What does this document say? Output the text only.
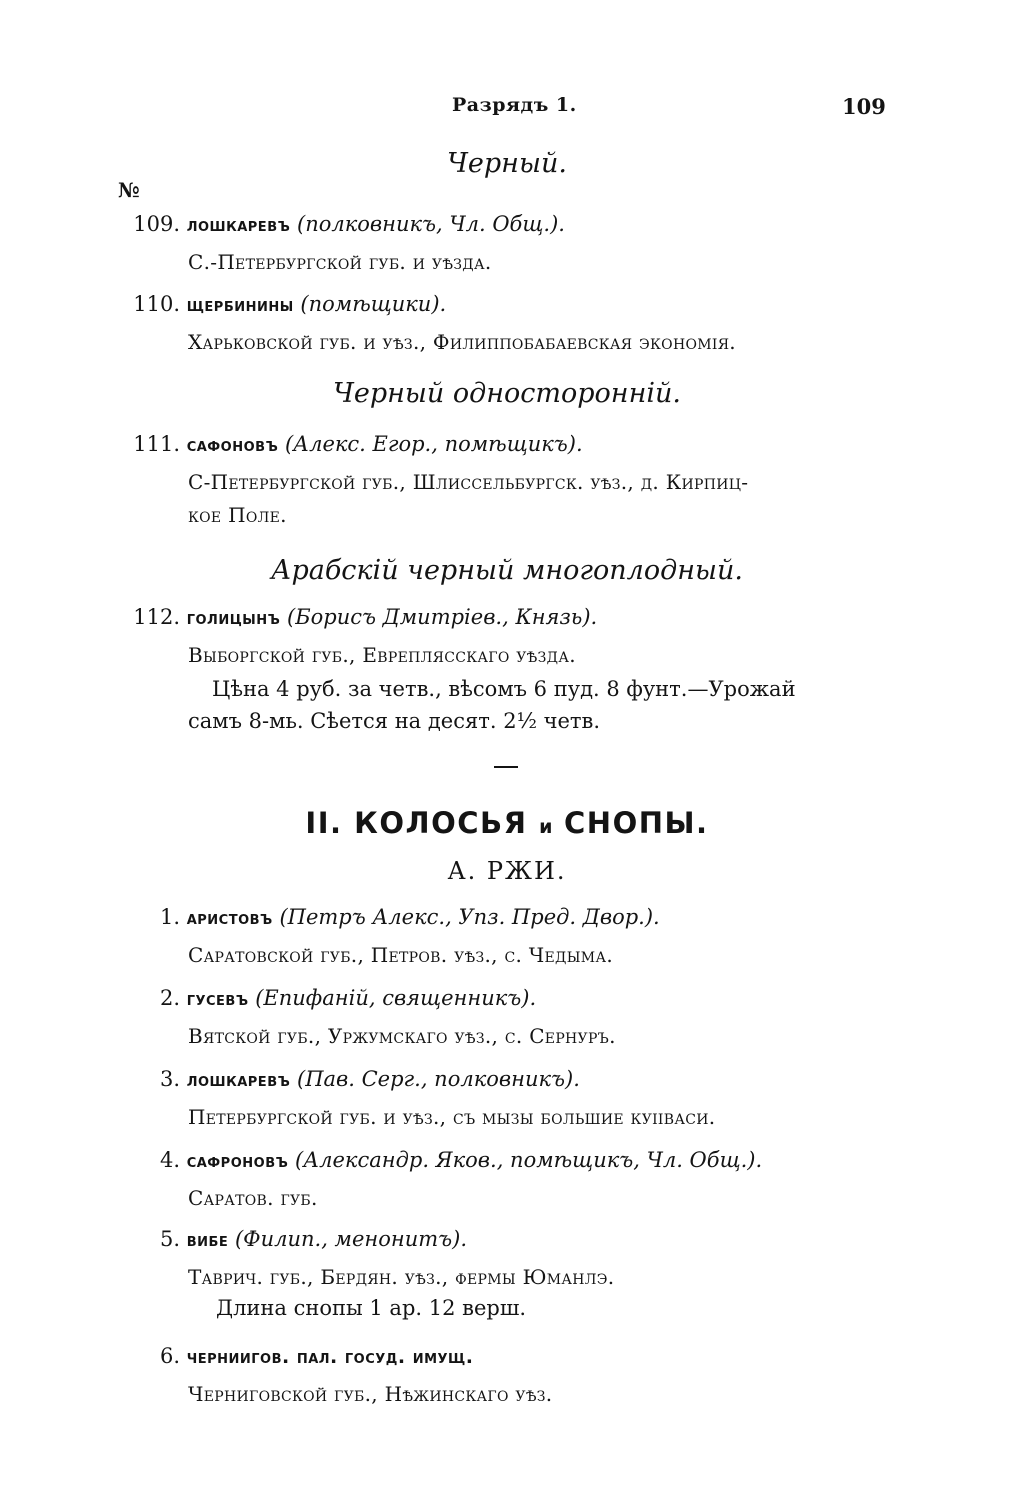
Разрядъ 1.	109
Черный.
№
109. лошкаревъ (полковникъ, Чл. Общ.).
С.-Петербургской губ. и уѣзда.
110. щербинины (помѣщики).
Харьковской губ. и уѣз., Филиппобабаевская экономія.
Черный односторонній.
111. сафоновъ (Алекс. Егор., помѣщикъ).
С-Петербургской губ., Шлиссельбургск. уѣз., д. Кирпиц-
кое Поле.
Арабскій черный многоплодный.
112. голицынъ (Борисъ Дмитріев., Князь).
Выборгской губ., Евреплясскаго уѣзда.
Цѣна 4 руб. за четв., вѣсомъ 6 пуд. 8 фунт.—Урожай
самъ 8-мь. Сѣется на десят. 2½ четв.
II. КОЛОСЬЯ и СНОПЫ.
А. РЖИ.
1. аристовъ (Петръ Алекс., Упз. Пред. Двор.).
Саратовской губ., Петров. уѣз., с. Чедыма.
2. гусевъ (Епифаній, священникъ).
Вятской губ., Уржумскаго уѣз., с. Сернуръ.
3. лошкаревъ (Пав. Серг., полковникъ).
Петербургской губ. и уѣз., съ мызы большие куііваси.
4. сафроновъ (Александр. Яков., помѣщикъ, Чл. Общ.).
Саратов. губ.
5. вибе (Филип., менонитъ).
Таврич. губ., Бердян. уѣз., фермы Юманлэ.
Длина снопы 1 ар. 12 верш.
6. черниигов. пал. госуд. имущ.
Черниговской губ., Нѣжинскаго уѣз.
